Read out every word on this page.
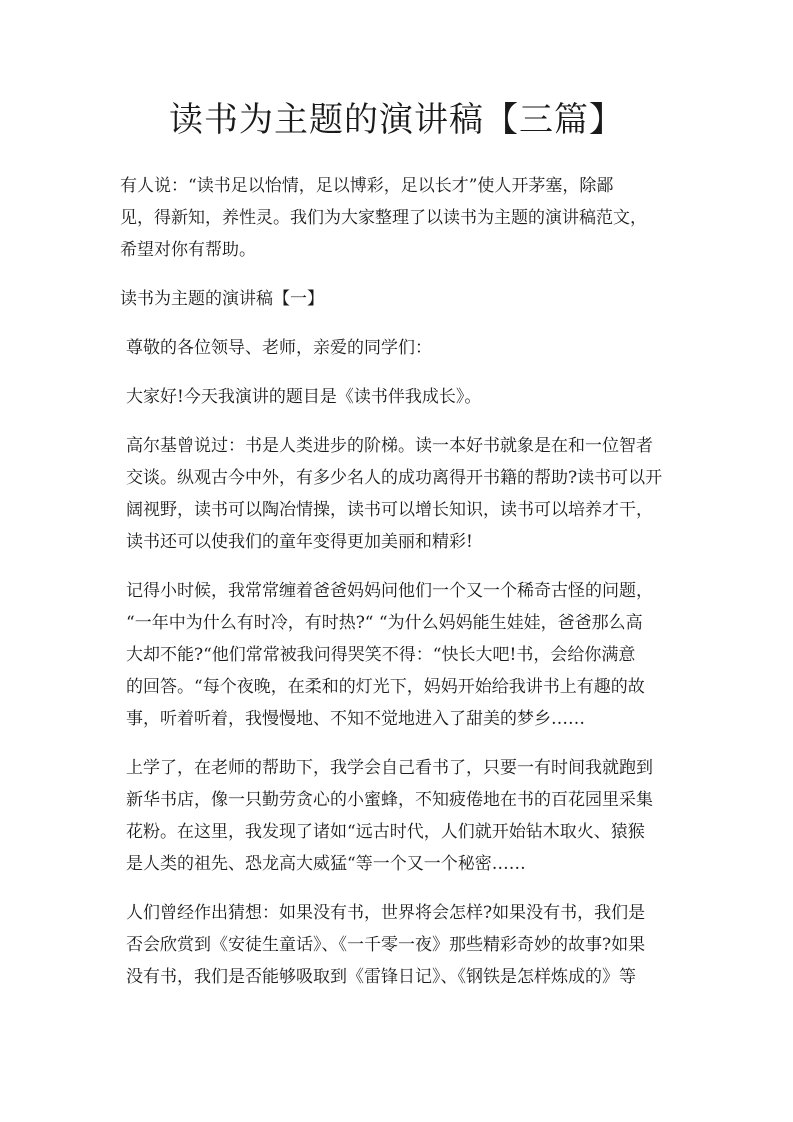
读书为主题的演讲稿【三篇】

有人说：“读书足以怡情，足以博彩，足以长才”使人开茅塞，除鄙
见，得新知，养性灵。我们为大家整理了以读书为主题的演讲稿范文，
希望对你有帮助。

读书为主题的演讲稿【一】

尊敬的各位领导、老师，亲爱的同学们：

大家好!今天我演讲的题目是《读书伴我成长》。

高尔基曾说过：书是人类进步的阶梯。读一本好书就象是在和一位智者
交谈。纵观古今中外，有多少名人的成功离得开书籍的帮助?读书可以开
阔视野，读书可以陶冶情操，读书可以增长知识，读书可以培养才干，
读书还可以使我们的童年变得更加美丽和精彩!

记得小时候，我常常缠着爸爸妈妈问他们一个又一个稀奇古怪的问题，
“一年中为什么有时冷，有时热?“ “为什么妈妈能生娃娃，爸爸那么高
大却不能?“他们常常被我问得哭笑不得：“快长大吧!书，会给你满意
的回答。“每个夜晚，在柔和的灯光下，妈妈开始给我讲书上有趣的故
事，听着听着，我慢慢地、不知不觉地进入了甜美的梦乡……

上学了，在老师的帮助下，我学会自己看书了，只要一有时间我就跑到
新华书店，像一只勤劳贪心的小蜜蜂，不知疲倦地在书的百花园里采集
花粉。在这里，我发现了诸如“远古时代，人们就开始钻木取火、猿猴
是人类的祖先、恐龙高大威猛“等一个又一个秘密……

人们曾经作出猜想：如果没有书，世界将会怎样?如果没有书，我们是
否会欣赏到《安徒生童话》、《一千零一夜》那些精彩奇妙的故事?如果
没有书，我们是否能够吸取到《雷锋日记》、《钢铁是怎样炼成的》等
